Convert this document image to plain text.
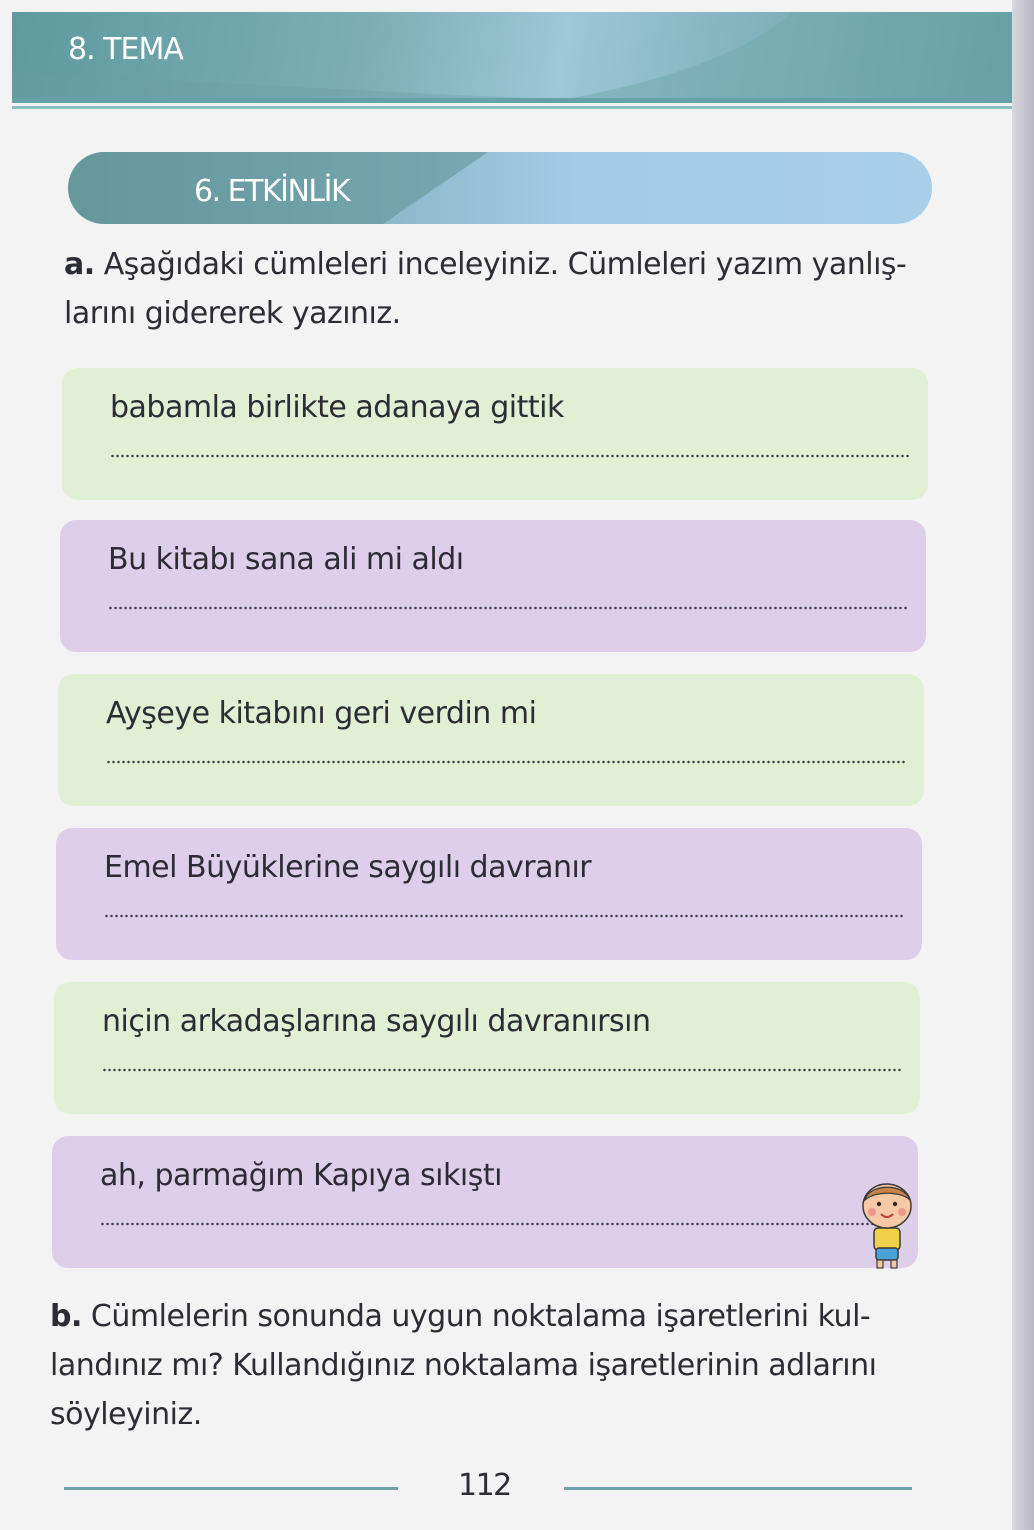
8. TEMA
6. ETKİNLİK
a. Aşağıdaki cümleleri inceleyiniz. Cümleleri yazım yanlış-
larını gidererek yazınız.
babamla birlikte adanaya gittik
Bu kitabı sana ali mi aldı
Ayşeye kitabını geri verdin mi
Emel Büyüklerine saygılı davranır
niçin arkadaşlarına saygılı davranırsın
ah, parmağım Kapıya sıkıştı
b. Cümlelerin sonunda uygun noktalama işaretlerini kul-
landınız mı? Kullandığınız noktalama işaretlerinin adlarını
söyleyiniz.
112
